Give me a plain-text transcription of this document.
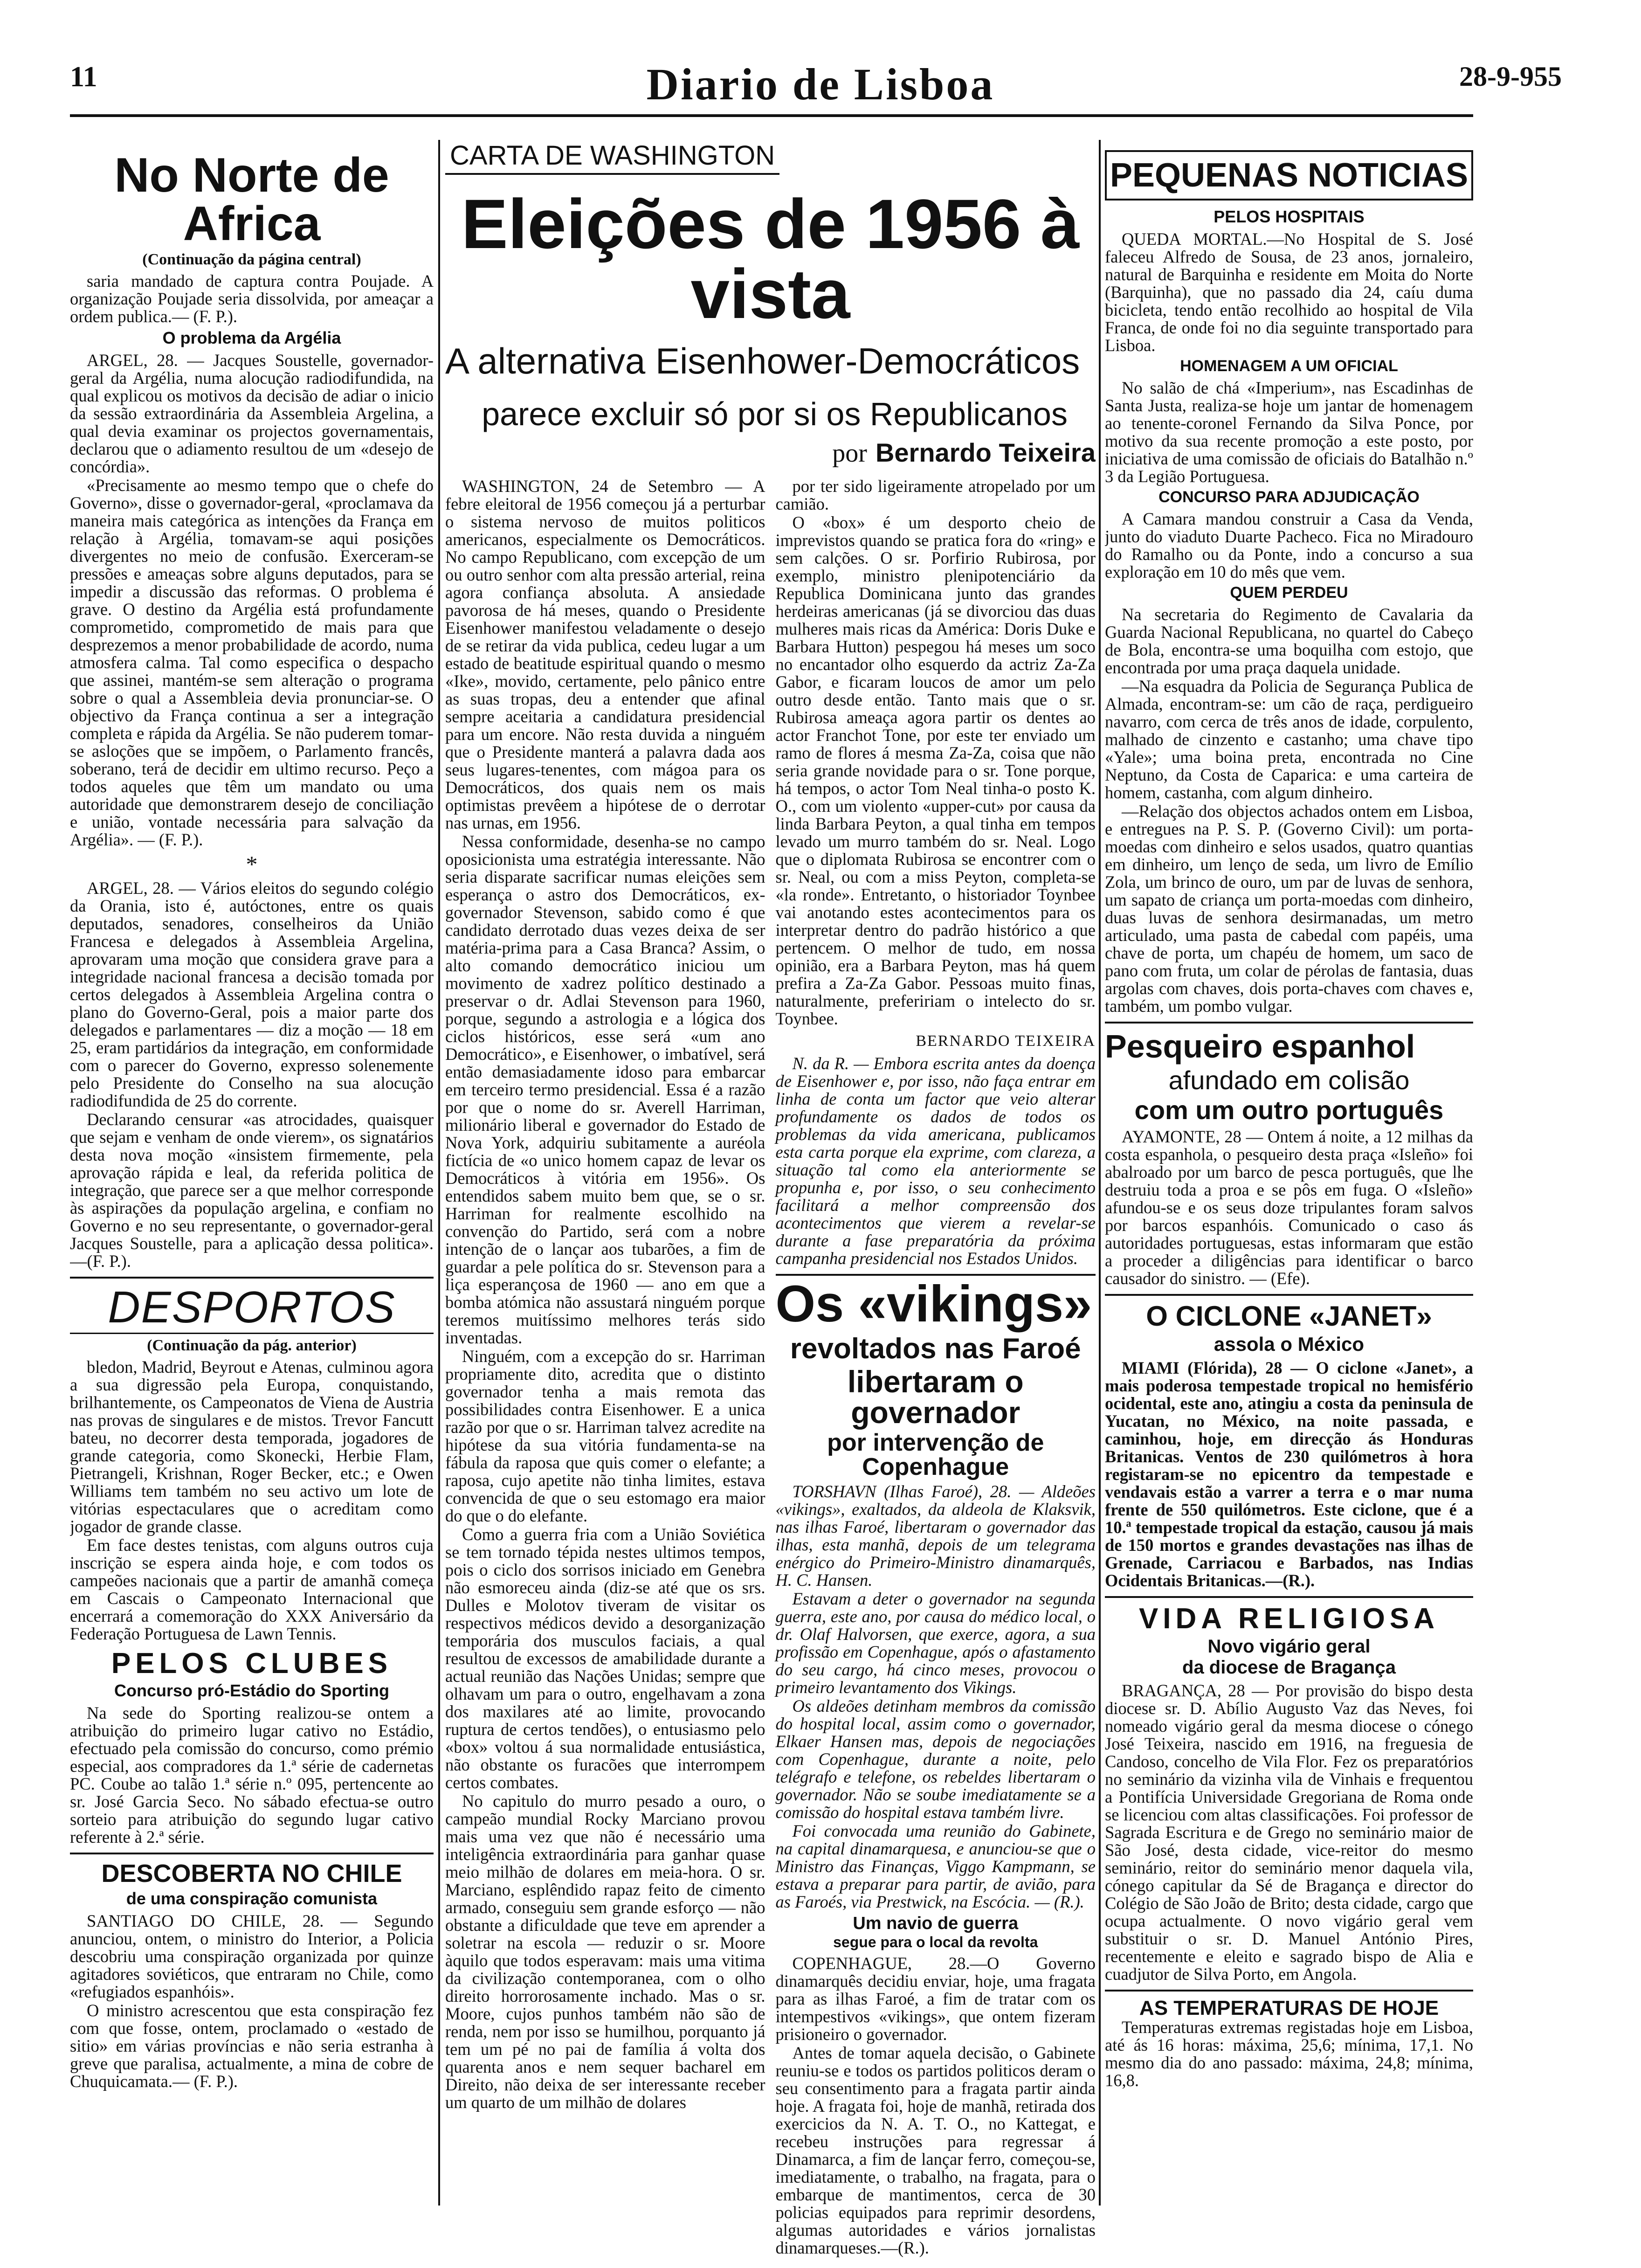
11	Diario de Lisboa	28-9-955
No Norte de Africa
(Continuação da página central)

saria mandado de captura contra Poujade. A organização Poujade seria dissolvida, por ameaçar a ordem publica.— (F. P.).

O problema da Argélia

ARGEL, 28. — Jacques Soustelle, governador-geral da Argélia, numa alocução radiodifundida, na qual explicou os motivos da decisão de adiar o inicio da sessão extraordinária da Assembleia Argelina, a qual devia examinar os projectos governamentais, declarou que o adiamento resultou de um «desejo de concórdia».

«Precisamente ao mesmo tempo que o chefe do Governo», disse o governador-geral, «proclamava da maneira mais categórica as intenções da França em relação à Argélia, tomavam-se aqui posições divergentes no meio de confusão. Exerceram-se pressões e ameaças sobre alguns deputados, para se impedir a discussão das reformas. O problema é grave. O destino da Argélia está profundamente comprometido, comprometido de mais para que desprezemos a menor probabilidade de acordo, numa atmosfera calma. Tal como especifica o despacho que assinei, mantém-se sem alteração o programa sobre o qual a Assembleia devia pronunciar-se. O objectivo da França continua a ser a integração completa e rápida da Argélia. Se não puderem tomar-se asloções que se impõem, o Parlamento francês, soberano, terá de decidir em ultimo recurso. Peço a todos aqueles que têm um mandato ou uma autoridade que demonstrarem desejo de conciliação e união, vontade necessária para salvação da Argélia». — (F. P.).

*

ARGEL, 28. — Vários eleitos do segundo colégio da Orania, isto é, autóctones, entre os quais deputados, senadores, conselheiros da União Francesa e delegados à Assembleia Argelina, aprovaram uma moção que considera grave para a integridade nacional francesa a decisão tomada por certos delegados à Assembleia Argelina contra o plano do Governo-Geral, pois a maior parte dos delegados e parlamentares — diz a moção — 18 em 25, eram partidários da integração, em conformidade com o parecer do Governo, expresso solenemente pelo Presidente do Conselho na sua alocução radiodifundida de 25 do corrente.

Declarando censurar «as atrocidades, quaisquer que sejam e venham de onde vierem», os signatários desta nova moção «insistem firmemente, pela aprovação rápida e leal, da referida politica de integração, que parece ser a que melhor corresponde às aspirações da população argelina, e confiam no Governo e no seu representante, o governador-geral Jacques Soustelle, para a aplicação dessa politica».—(F. P.).

DESPORTOS
(Continuação da pág. anterior)

bledon, Madrid, Beyrout e Atenas, culminou agora a sua digressão pela Europa, conquistando, brilhantemente, os Campeonatos de Viena de Austria nas provas de singulares e de mistos. Trevor Fancutt bateu, no decorrer desta temporada, jogadores de grande categoria, como Skonecki, Herbie Flam, Pietrangeli, Krishnan, Roger Becker, etc.; e Owen Williams tem também no seu activo um lote de vitórias espectaculares que o acreditam como jogador de grande classe.

Em face destes tenistas, com alguns outros cuja inscrição se espera ainda hoje, e com todos os campeões nacionais que a partir de amanhã começa em Cascais o Campeonato Internacional que encerrará a comemoração do XXX Aniversário da Federação Portuguesa de Lawn Tennis.

PELOS CLUBES
Concurso pró-Estádio do Sporting

Na sede do Sporting realizou-se ontem a atribuição do primeiro lugar cativo no Estádio, efectuado pela comissão do concurso, como prémio especial, aos compradores da 1.ª série de cadernetas PC. Coube ao talão 1.ª série n.º 095, pertencente ao sr. José Garcia Seco. No sábado efectua-se outro sorteio para atribuição do segundo lugar cativo referente à 2.ª série.

DESCOBERTA NO CHILE
de uma conspiração comunista

SANTIAGO DO CHILE, 28. — Segundo anunciou, ontem, o ministro do Interior, a Policia descobriu uma conspiração organizada por quinze agitadores soviéticos, que entraram no Chile, como «refugiados espanhóis».

O ministro acrescentou que esta conspiração fez com que fosse, ontem, proclamado o «estado de sitio» em várias províncias e não seria estranha à greve que paralisa, actualmente, a mina de cobre de Chuquicamata.— (F. P.).

CARTA DE WASHINGTON
Eleições de 1956 à vista
A alternativa Eisenhower-Democráticos
parece excluir só por si os Republicanos
por Bernardo Teixeira

WASHINGTON, 24 de Setembro — A febre eleitoral de 1956 começou já a perturbar o sistema nervoso de muitos politicos americanos, especialmente os Democráticos. No campo Republicano, com excepção de um ou outro senhor com alta pressão arterial, reina agora confiança absoluta. A ansiedade pavorosa de há meses, quando o Presidente Eisenhower manifestou veladamente o desejo de se retirar da vida publica, cedeu lugar a um estado de beatitude espiritual quando o mesmo «Ike», movido, certamente, pelo pânico entre as suas tropas, deu a entender que afinal sempre aceitaria a candidatura presidencial para um encore. Não resta duvida a ninguém que o Presidente manterá a palavra dada aos seus lugares-tenentes, com mágoa para os Democráticos, dos quais nem os mais optimistas prevêem a hipótese de o derrotar nas urnas, em 1956.

Nessa conformidade, desenha-se no campo oposicionista uma estratégia interessante. Não seria disparate sacrificar numas eleições sem esperança o astro dos Democráticos, ex-governador Stevenson, sabido como é que candidato derrotado duas vezes deixa de ser matéria-prima para a Casa Branca? Assim, o alto comando democrático iniciou um movimento de xadrez político destinado a preservar o dr. Adlai Stevenson para 1960, porque, segundo a astrologia e a lógica dos ciclos históricos, esse será «um ano Democrático», e Eisenhower, o imbatível, será então demasiadamente idoso para embarcar em terceiro termo presidencial. Essa é a razão por que o nome do sr. Averell Harriman, milionário liberal e governador do Estado de Nova York, adquiriu subitamente a auréola fictícia de «o unico homem capaz de levar os Democráticos à vitória em 1956». Os entendidos sabem muito bem que, se o sr. Harriman for realmente escolhido na convenção do Partido, será com a nobre intenção de o lançar aos tubarões, a fim de guardar a pele política do sr. Stevenson para a liça esperançosa de 1960 — ano em que a bomba atómica não assustará ninguém porque teremos muitíssimo melhores terás sido inventadas.

Ninguém, com a excepção do sr. Harriman propriamente dito, acredita que o distinto governador tenha a mais remota das possibilidades contra Eisenhower. E a unica razão por que o sr. Harriman talvez acredite na hipótese da sua vitória fundamenta-se na fábula da raposa que quis comer o elefante; a raposa, cujo apetite não tinha limites, estava convencida de que o seu estomago era maior do que o do elefante.

Como a guerra fria com a União Soviética se tem tornado tépida nestes ultimos tempos, pois o ciclo dos sorrisos iniciado em Genebra não esmoreceu ainda (diz-se até que os srs. Dulles e Molotov tiveram de visitar os respectivos médicos devido a desorganização temporária dos musculos faciais, a qual resultou de excessos de amabilidade durante a actual reunião das Nações Unidas; sempre que olhavam um para o outro, engelhavam a zona dos maxilares até ao limite, provocando ruptura de certos tendões), o entusiasmo pelo «box» voltou á sua normalidade entusiástica, não obstante os furacões que interrompem certos combates.

No capitulo do murro pesado a ouro, o campeão mundial Rocky Marciano provou mais uma vez que não é necessário uma inteligência extraordinária para ganhar quase meio milhão de dolares em meia-hora. O sr. Marciano, esplêndido rapaz feito de cimento armado, conseguiu sem grande esforço — não obstante a dificuldade que teve em aprender a soletrar na escola — reduzir o sr. Moore àquilo que todos esperavam: mais uma vitima da civilização contemporanea, com o olho direito horrorosamente inchado. Mas o sr. Moore, cujos punhos também não são de renda, nem por isso se humilhou, porquanto já tem um pé no pai de família á volta dos quarenta anos e nem sequer bacharel em Direito, não deixa de ser interessante receber um quarto de um milhão de dolares

por ter sido ligeiramente atropelado por um camião.

O «box» é um desporto cheio de imprevistos quando se pratica fora do «ring» e sem calções. O sr. Porfirio Rubirosa, por exemplo, ministro plenipotenciário da Republica Dominicana junto das grandes herdeiras americanas (já se divorciou das duas mulheres mais ricas da América: Doris Duke e Barbara Hutton) pespegou há meses um soco no encantador olho esquerdo da actriz Za-Za Gabor, e ficaram loucos de amor um pelo outro desde então. Tanto mais que o sr. Rubirosa ameaça agora partir os dentes ao actor Franchot Tone, por este ter enviado um ramo de flores á mesma Za-Za, coisa que não seria grande novidade para o sr. Tone porque, há tempos, o actor Tom Neal tinha-o posto K. O., com um violento «upper-cut» por causa da linda Barbara Peyton, a qual tinha em tempos levado um murro também do sr. Neal. Logo que o diplomata Rubirosa se encontrer com o sr. Neal, ou com a miss Peyton, completa-se «la ronde». Entretanto, o historiador Toynbee vai anotando estes acontecimentos para os interpretar dentro do padrão histórico a que pertencem. O melhor de tudo, em nossa opinião, era a Barbara Peyton, mas há quem prefira a Za-Za Gabor. Pessoas muito finas, naturalmente, prefeririam o intelecto do sr. Toynbee.

BERNARDO TEIXEIRA

N. da R. — Embora escrita antes da doença de Eisenhower e, por isso, não faça entrar em linha de conta um factor que veio alterar profundamente os dados de todos os problemas da vida americana, publicamos esta carta porque ela exprime, com clareza, a situação tal como ela anteriormente se propunha e, por isso, o seu conhecimento facilitará a melhor compreensão dos acontecimentos que vierem a revelar-se durante a fase preparatória da próxima campanha presidencial nos Estados Unidos.

Os «vikings»
revoltados nas Faroé
libertaram o governador
por intervenção de Copenhague

TORSHAVN (Ilhas Faroé), 28. — Aldeões «vikings», exaltados, da aldeola de Klaksvik, nas ilhas Faroé, libertaram o governador das ilhas, esta manhã, depois de um telegrama enérgico do Primeiro-Ministro dinamarquês, H. C. Hansen.

Estavam a deter o governador na segunda guerra, este ano, por causa do médico local, o dr. Olaf Halvorsen, que exerce, agora, a sua profissão em Copenhague, após o afastamento do seu cargo, há cinco meses, provocou o primeiro levantamento dos Vikings.

Os aldeões detinham membros da comissão do hospital local, assim como o governador, Elkaer Hansen mas, depois de negociações com Copenhague, durante a noite, pelo telégrafo e telefone, os rebeldes libertaram o governador. Não se soube imediatamente se a comissão do hospital estava também livre.

Foi convocada uma reunião do Gabinete, na capital dinamarquesa, e anunciou-se que o Ministro das Finanças, Viggo Kampmann, se estava a preparar para partir, de avião, para as Faroés, via Prestwick, na Escócia. — (R.).

Um navio de guerra
segue para o local da revolta

COPENHAGUE, 28.—O Governo dinamarquês decidiu enviar, hoje, uma fragata para as ilhas Faroé, a fim de tratar com os intempestivos «vikings», que ontem fizeram prisioneiro o governador.

Antes de tomar aquela decisão, o Gabinete reuniu-se e todos os partidos politicos deram o seu consentimento para a fragata partir ainda hoje. A fragata foi, hoje de manhã, retirada dos exercicios da N. A. T. O., no Kattegat, e recebeu instruções para regressar á Dinamarca, a fim de lançar ferro, começou-se, imediatamente, o trabalho, na fragata, para o embarque de mantimentos, cerca de 30 policias equipados para reprimir desordens, algumas autoridades e vários jornalistas dinamarqueses.—(R.).

PEQUENAS NOTICIAS
PELOS HOSPITAIS

QUEDA MORTAL.—No Hospital de S. José faleceu Alfredo de Sousa, de 23 anos, jornaleiro, natural de Barquinha e residente em Moita do Norte (Barquinha), que no passado dia 24, caíu duma bicicleta, tendo então recolhido ao hospital de Vila Franca, de onde foi no dia seguinte transportado para Lisboa.

HOMENAGEM A UM OFICIAL

No salão de chá «Imperium», nas Escadinhas de Santa Justa, realiza-se hoje um jantar de homenagem ao tenente-coronel Fernando da Silva Ponce, por motivo da sua recente promoção a este posto, por iniciativa de uma comissão de oficiais do Batalhão n.º 3 da Legião Portuguesa.

CONCURSO PARA ADJUDICAÇÃO

A Camara mandou construir a Casa da Venda, junto do viaduto Duarte Pacheco. Fica no Miradouro do Ramalho ou da Ponte, indo a concurso a sua exploração em 10 do mês que vem.

QUEM PERDEU

Na secretaria do Regimento de Cavalaria da Guarda Nacional Republicana, no quartel do Cabeço de Bola, encontra-se uma boquilha com estojo, que encontrada por uma praça daquela unidade.

—Na esquadra da Policia de Segurança Publica de Almada, encontram-se: um cão de raça, perdigueiro navarro, com cerca de três anos de idade, corpulento, malhado de cinzento e castanho; uma chave tipo «Yale»; uma boina preta, encontrada no Cine Neptuno, da Costa de Caparica: e uma carteira de homem, castanha, com algum dinheiro.

—Relação dos objectos achados ontem em Lisboa, e entregues na P. S. P. (Governo Civil): um porta-moedas com dinheiro e selos usados, quatro quantias em dinheiro, um lenço de seda, um livro de Emílio Zola, um brinco de ouro, um par de luvas de senhora, um sapato de criança um porta-moedas com dinheiro, duas luvas de senhora desirmanadas, um metro articulado, uma pasta de cabedal com papéis, uma chave de porta, um chapéu de homem, um saco de pano com fruta, um colar de pérolas de fantasia, duas argolas com chaves, dois porta-chaves com chaves e, também, um pombo vulgar.

Pesqueiro espanhol
afundado em colisão
com um outro português

AYAMONTE, 28 — Ontem á noite, a 12 milhas da costa espanhola, o pesqueiro desta praça «Isleño» foi abalroado por um barco de pesca português, que lhe destruiu toda a proa e se pôs em fuga. O «Isleño» afundou-se e os seus doze tripulantes foram salvos por barcos espanhóis. Comunicado o caso ás autoridades portuguesas, estas informaram que estão a proceder a diligências para identificar o barco causador do sinistro. — (Efe).

O CICLONE «JANET»
assola o México

MIAMI (Flórida), 28 — O ciclone «Janet», a mais poderosa tempestade tropical no hemisfério ocidental, este ano, atingiu a costa da peninsula de Yucatan, no México, na noite passada, e caminhou, hoje, em direcção ás Honduras Britanicas. Ventos de 230 quilómetros à hora registaram-se no epicentro da tempestade e vendavais estão a varrer a terra e o mar numa frente de 550 quilómetros. Este ciclone, que é a 10.ª tempestade tropical da estação, causou já mais de 150 mortos e grandes devastações nas ilhas de Grenade, Carriacou e Barbados, nas Indias Ocidentais Britanicas.—(R.).

VIDA RELIGIOSA
Novo vigário geral
da diocese de Bragança

BRAGANÇA, 28 — Por provisão do bispo desta diocese sr. D. Abílio Augusto Vaz das Neves, foi nomeado vigário geral da mesma diocese o cónego José Teixeira, nascido em 1916, na freguesia de Candoso, concelho de Vila Flor. Fez os preparatórios no seminário da vizinha vila de Vinhais e frequentou a Pontifícia Universidade Gregoriana de Roma onde se licenciou com altas classificações. Foi professor de Sagrada Escritura e de Grego no seminário maior de São José, desta cidade, vice-reitor do mesmo seminário, reitor do seminário menor daquela vila, cónego capitular da Sé de Bragança e director do Colégio de São João de Brito; desta cidade, cargo que ocupa actualmente. O novo vigário geral vem substituir o sr. D. Manuel António Pires, recentemente e eleito e sagrado bispo de Alia e cuadjutor de Silva Porto, em Angola.

AS TEMPERATURAS DE HOJE

Temperaturas extremas registadas hoje em Lisboa, até ás 16 horas: máxima, 25,6; mínima, 17,1. No mesmo dia do ano passado: máxima, 24,8; mínima, 16,8.
